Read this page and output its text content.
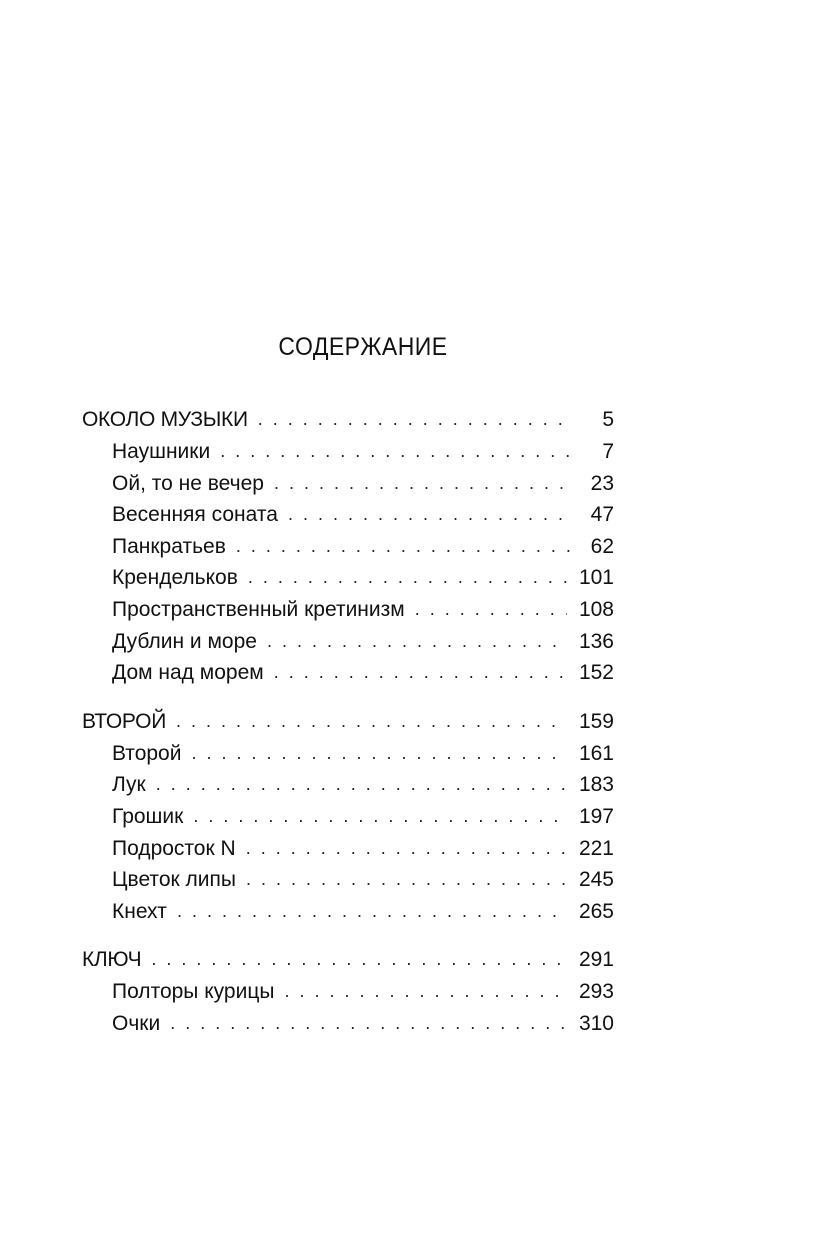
СОДЕРЖАНИЕ
ОКОЛО МУЗЫКИ . . .	5
Наушники . . .	7
Ой, то не вечер . . .	23
Весенняя соната . . .	47
Панкратьев . . .	62
Крендельков . . .	101
Пространственный кретинизм . . .	108
Дублин и море . . .	136
Дом над морем . . .	152
ВТОРОЙ . . .	159
Второй . . .	161
Лук . . .	183
Грошик . . .	197
Подросток N . . .	221
Цветок липы . . .	245
Кнехт . . .	265
КЛЮЧ . . .	291
Полторы курицы . . .	293
Очки . . .	310
